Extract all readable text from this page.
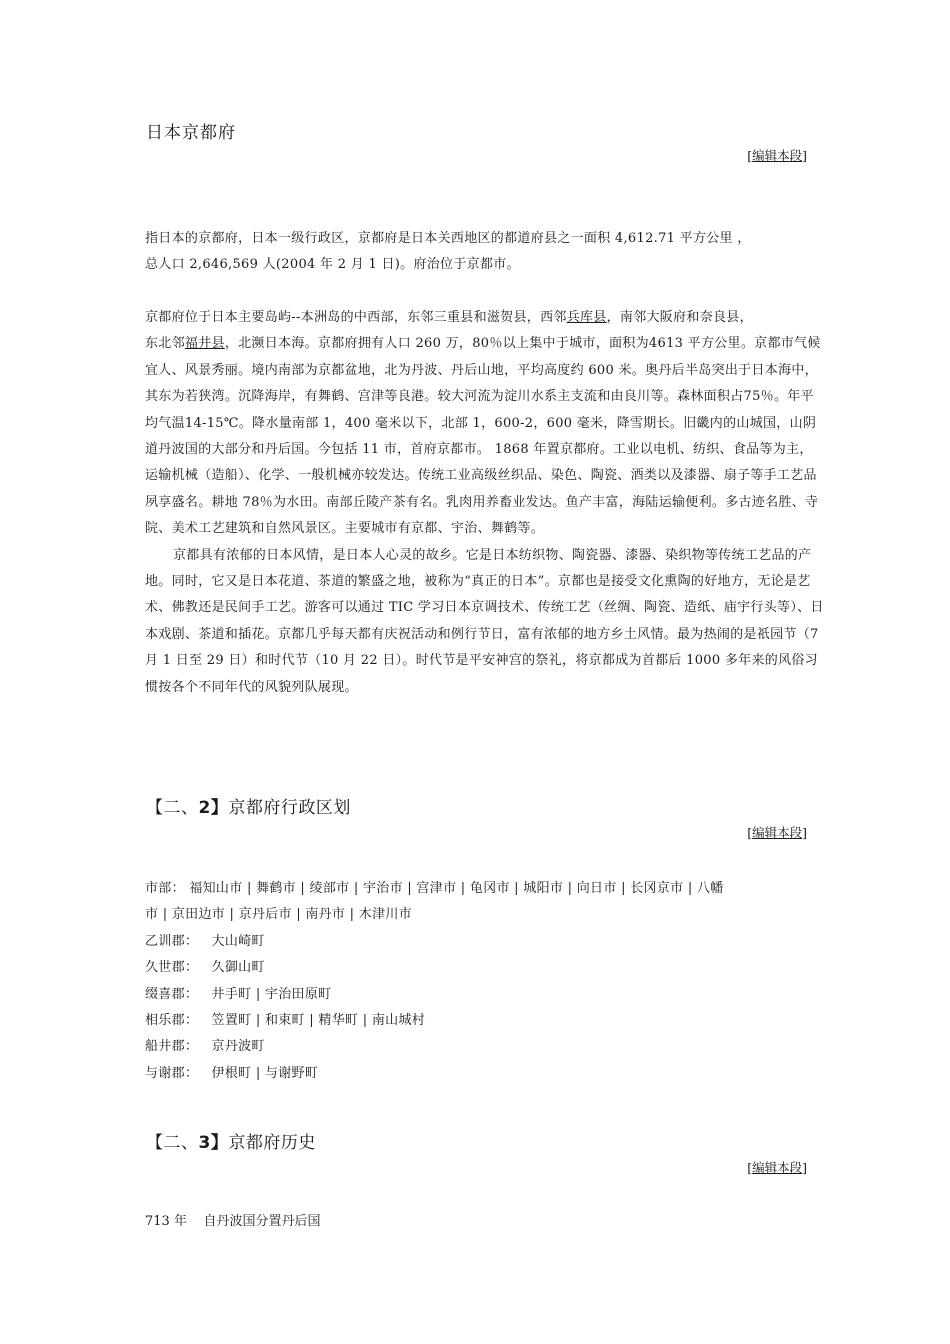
日本京都府
[编辑本段]

指日本的京都府，日本一级行政区，京都府是日本关西地区的都道府县之一面积 4,612.71 平方公里 ，

总人口 2,646,569 人(2004 年 2 月 1 日)。府治位于京都市。

京都府位于日本主要岛屿--本洲岛的中西部，东邻三重县和滋贺县，西邻兵库县，南邻大阪府和奈良县，
东北邻福井县，北濒日本海。京都府拥有人口 260 万，80％以上集中于城市，面积为4613 平方公里。京都市气候宜人、风景秀丽。境内南部为京都盆地，北为丹波、丹后山地，平均高度约 600 米。奥丹后半岛突出于日本海中，其东为若狭湾。沉降海岸，有舞鹤、宫津等良港。较大河流为淀川水系主支流和由良川等。森林面积占75％。年平均气温14-15℃。降水量南部 1，400 毫米以下，北部 1，600-2，600 毫米，降雪期长。旧畿内的山城国，山阴道丹波国的大部分和丹后国。今包括 11 市，首府京都市。 1868 年置京都府。工业以电机、纺织、食品等为主，运输机械（造船）、化学、一般机械亦较发达。传统工业高级丝织品、染色、陶瓷、酒类以及漆器、扇子等手工艺品夙享盛名。耕地 78％为水田。南部丘陵产茶有名。乳肉用养畜业发达。鱼产丰富，海陆运输便利。多古迹名胜、寺院、美术工艺建筑和自然风景区。主要城市有京都、宇治、舞鹤等。

京都具有浓郁的日本风情，是日本人心灵的故乡。它是日本纺织物、陶瓷器、漆器、染织物等传统工艺品的产地。同时，它又是日本花道、茶道的繁盛之地，被称为“真正的日本”。京都也是接受文化熏陶的好地方，无论是艺术、佛教还是民间手工艺。游客可以通过 TIC 学习日本京调技术、传统工艺（丝绸、陶瓷、造纸、庙宇行头等）、日本戏剧、茶道和插花。京都几乎每天都有庆祝活动和例行节日，富有浓郁的地方乡土风情。最为热闹的是祇园节（7 月 1 日至 29 日）和时代节（10 月 22 日）。时代节是平安神宫的祭礼，将京都成为首都后 1000 多年来的风俗习惯按各个不同年代的风貌列队展现。

【二、2】京都府行政区划
[编辑本段]

市部： 福知山市 | 舞鹤市 | 绫部市 | 宇治市 | 宫津市 | 龟冈市 | 城阳市 | 向日市 | 长冈京市 | 八幡

市 | 京田边市 | 京丹后市 | 南丹市 | 木津川市

乙训郡： 大山崎町

久世郡： 久御山町

缀喜郡： 井手町 | 宇治田原町

相乐郡： 笠置町 | 和束町 | 精华町 | 南山城村

船井郡： 京丹波町

与谢郡： 伊根町 | 与谢野町

【二、3】京都府历史
[编辑本段]
713 年 自丹波国分置丹后国
